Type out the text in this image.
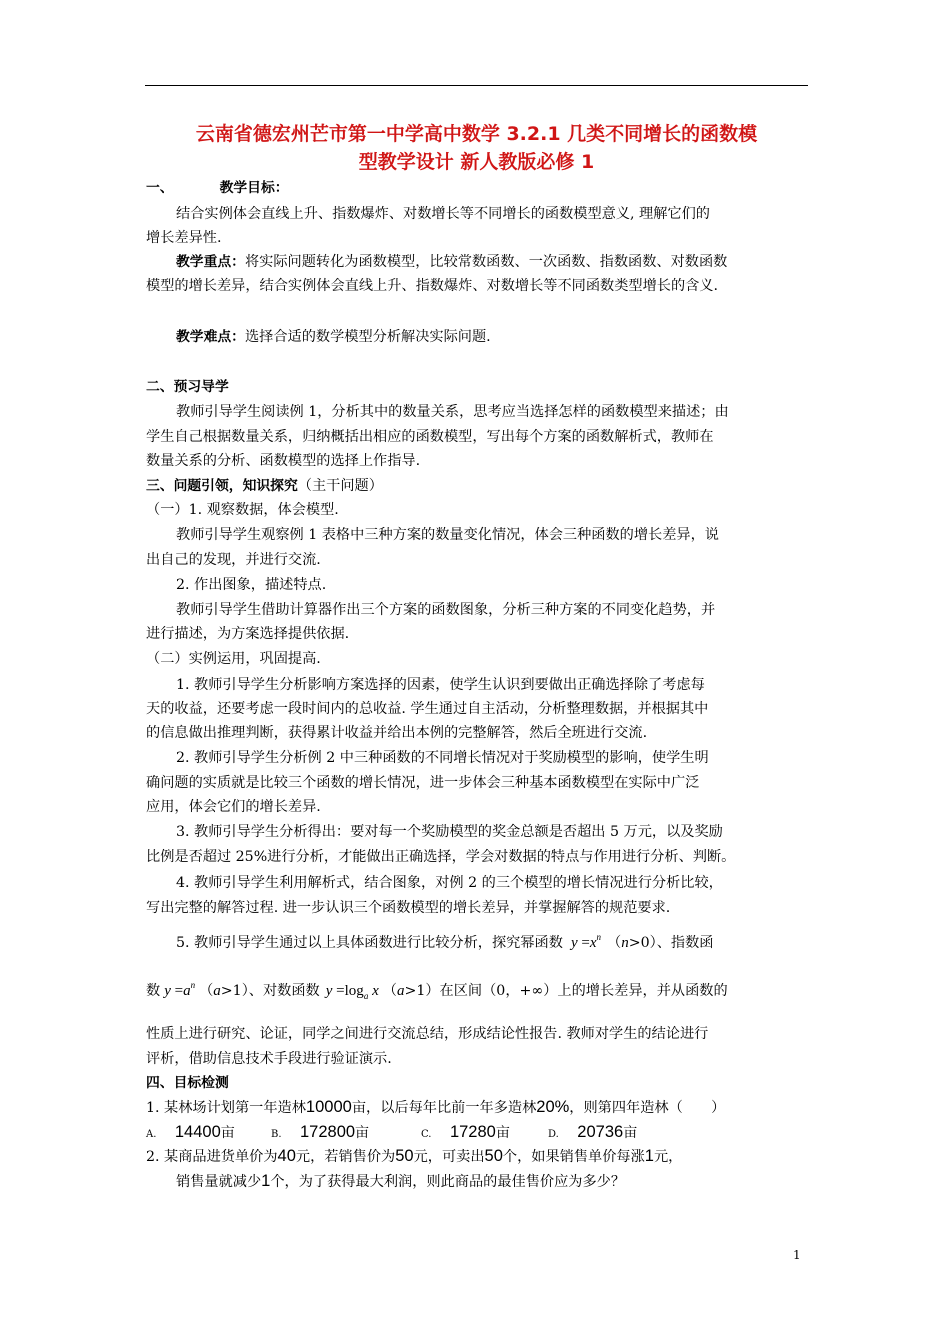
云南省德宏州芒市第一中学高中数学 3.2.1 几类不同增长的函数模
型教学设计 新人教版必修 1
一、	教学目标：
结合实例体会直线上升、指数爆炸、对数增长等不同增长的函数模型意义, 理解它们的
增长差异性.
教学重点：将实际问题转化为函数模型，比较常数函数、一次函数、指数函数、对数函数
模型的增长差异，结合实例体会直线上升、指数爆炸、对数增长等不同函数类型增长的含义.
教学难点：选择合适的数学模型分析解决实际问题.
二、预习导学
教师引导学生阅读例 1，分析其中的数量关系，思考应当选择怎样的函数模型来描述；由
学生自己根据数量关系，归纳概括出相应的函数模型，写出每个方案的函数解析式，教师在
数量关系的分析、函数模型的选择上作指导.
三、问题引领，知识探究（主干问题）
（一）1. 观察数据，体会模型.
教师引导学生观察例 1 表格中三种方案的数量变化情况，体会三种函数的增长差异，说
出自己的发现，并进行交流.
2. 作出图象，描述特点.
教师引导学生借助计算器作出三个方案的函数图象，分析三种方案的不同变化趋势，并
进行描述，为方案选择提供依据.
（二）实例运用，巩固提高.
1. 教师引导学生分析影响方案选择的因素，使学生认识到要做出正确选择除了考虑每
天的收益，还要考虑一段时间内的总收益. 学生通过自主活动，分析整理数据，并根据其中
的信息做出推理判断，获得累计收益并给出本例的完整解答，然后全班进行交流.
2. 教师引导学生分析例 2 中三种函数的不同增长情况对于奖励模型的影响，使学生明
确问题的实质就是比较三个函数的增长情况，进一步体会三种基本函数模型在实际中广泛
应用，体会它们的增长差异.
3. 教师引导学生分析得出：要对每一个奖励模型的奖金总额是否超出 5 万元，以及奖励
比例是否超过 25%进行分析，才能做出正确选择，学会对数据的特点与作用进行分析、判断。
4. 教师引导学生利用解析式，结合图象，对例 2 的三个模型的增长情况进行分析比较，
写出完整的解答过程. 进一步认识三个函数模型的增长差异，并掌握解答的规范要求.
5. 教师引导学生通过以上具体函数进行比较分析，探究幂函数 $y =x^n$ （n>0）、指数函
数 $y =a^n$ （a>1）、对数函数 $y =\log_a$ x （a>1）在区间（0，+∞）上的增长差异，并从函数的
性质上进行研究、论证，同学之间进行交流总结，形成结论性报告. 教师对学生的结论进行
评析，借助信息技术手段进行验证演示.
四、目标检测
1. 某林场计划第一年造林10000亩，以后每年比前一年多造林20%，则第四年造林（　　）
A. 14400亩	B. 172800亩	C. 17280亩	D. 20736亩
2. 某商品进货单价为40元，若销售价为50元，可卖出50个，如果销售单价每涨1元，
销售量就减少1个，为了获得最大利润，则此商品的最佳售价应为多少？
1
